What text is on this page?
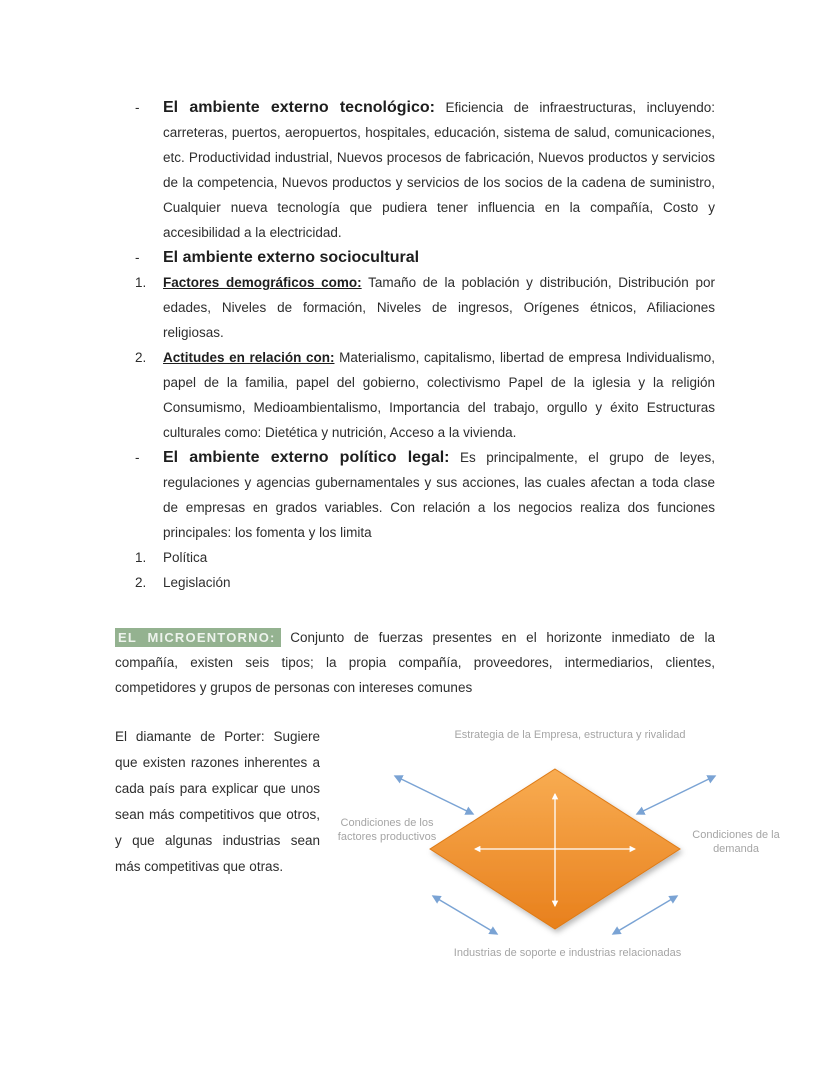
-	El ambiente externo tecnológico: Eficiencia de infraestructuras, incluyendo: carreteras, puertos, aeropuertos, hospitales, educación, sistema de salud, comunicaciones, etc. Productividad industrial, Nuevos procesos de fabricación, Nuevos productos y servicios de la competencia, Nuevos productos y servicios de los socios de la cadena de suministro, Cualquier nueva tecnología que pudiera tener influencia en la compañía, Costo y accesibilidad a la electricidad.
-	El ambiente externo sociocultural
1.	Factores demográficos como: Tamaño de la población y distribución, Distribución por edades, Niveles de formación, Niveles de ingresos, Orígenes étnicos, Afiliaciones religiosas.
2.	Actitudes en relación con: Materialismo, capitalismo, libertad de empresa Individualismo, papel de la familia, papel del gobierno, colectivismo Papel de la iglesia y la religión Consumismo, Medioambientalismo, Importancia del trabajo, orgullo y éxito Estructuras culturales como: Dietética y nutrición, Acceso a la vivienda.
-	El ambiente externo político legal: Es principalmente, el grupo de leyes, regulaciones y agencias gubernamentales y sus acciones, las cuales afectan a toda clase de empresas en grados variables. Con relación a los negocios realiza dos funciones principales: los fomenta y los limita
1.	Política
2.	Legislación

EL MICROENTORNO: Conjunto de fuerzas presentes en el horizonte inmediato de la compañía, existen seis tipos; la propia compañía, proveedores, intermediarios, clientes, competidores y grupos de personas con intereses comunes

El diamante de Porter: Sugiere que existen razones inherentes a cada país para explicar que unos sean más competitivos que otros, y que algunas industrias sean más competitivas que otras.

Estrategia de la Empresa, estructura y rivalidad
Condiciones de los factores productivos	Condiciones de la demanda
Industrias de soporte e industrias relacionadas
